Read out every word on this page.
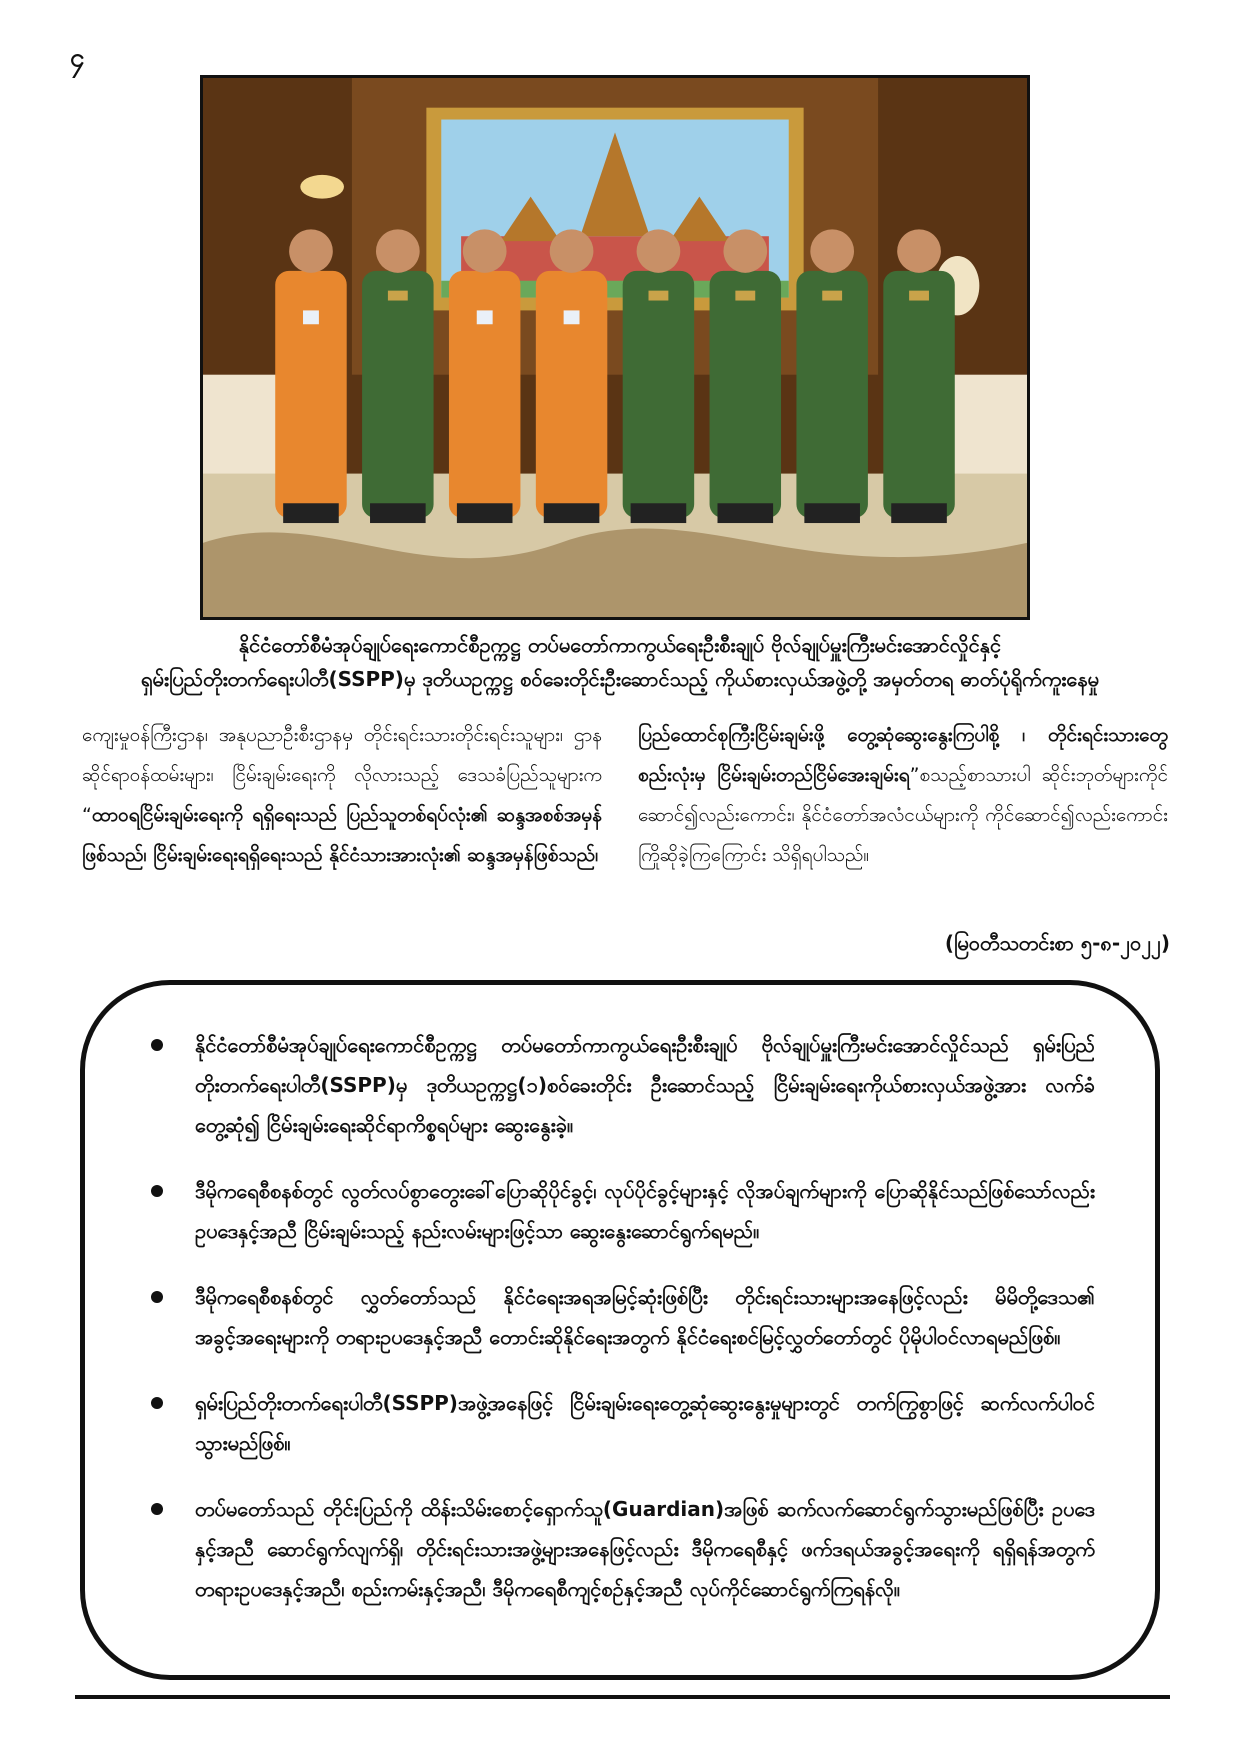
၄
နိုင်ငံတော်စီမံအုပ်ချုပ်ရေးကောင်စီဥက္ကဋ္ဌ တပ်မတော်ကာကွယ်ရေးဦးစီးချုပ် ဗိုလ်ချုပ်မှူးကြီးမင်းအောင်လှိုင်နှင့်
ရှမ်းပြည်တိုးတက်ရေးပါတီ(SSPP)မှ ဒုတိယဥက္ကဋ္ဌ စဝ်ခေးတိုင်းဦးဆောင်သည့် ကိုယ်စားလှယ်အဖွဲ့တို့ အမှတ်တရ ဓာတ်ပုံရိုက်ကူးနေမှု
ကျေးမှုဝန်ကြီးဌာန၊ အနုပညာဦးစီးဌာနမှ တိုင်းရင်းသားတိုင်းရင်းသူများ၊ ဌာနဆိုင်ရာဝန်ထမ်းများ၊ ငြိမ်းချမ်းရေးကို လိုလားသည့် ဒေသခံပြည်သူများက “ထာဝရငြိမ်းချမ်းရေးကို ရရှိရေးသည် ပြည်သူတစ်ရပ်လုံး၏ ဆန္ဒအစစ်အမှန်ဖြစ်သည်၊ ငြိမ်းချမ်းရေးရရှိရေးသည် နိုင်ငံသားအားလုံး၏ ဆန္ဒအမှန်ဖြစ်သည်၊
ပြည်ထောင်စုကြီးငြိမ်းချမ်းဖို့ တွေ့ဆုံဆွေးနွေးကြပါစို့ ၊ တိုင်းရင်းသားတွေစည်းလုံးမှ ငြိမ်းချမ်းတည်ငြိမ်အေးချမ်းရ”စသည့်စာသားပါ ဆိုင်းဘုတ်များကိုင်ဆောင်၍လည်းကောင်း၊ နိုင်ငံတော်အလံငယ်များကို ကိုင်ဆောင်၍လည်းကောင်း ကြိုဆိုခဲ့ကြကြောင်း သိရှိရပါသည်။
(မြဝတီသတင်းစာ ၅-၈-၂၀၂၂)
နိုင်ငံတော်စီမံအုပ်ချုပ်ရေးကောင်စီဥက္ကဋ္ဌ တပ်မတော်ကာကွယ်ရေးဦးစီးချုပ် ဗိုလ်ချုပ်မှူးကြီးမင်းအောင်လှိုင်သည် ရှမ်းပြည်တိုးတက်ရေးပါတီ(SSPP)မှ ဒုတိယဥက္ကဋ္ဌ(၁)စဝ်ခေးတိုင်း ဦးဆောင်သည့် ငြိမ်းချမ်းရေးကိုယ်စားလှယ်အဖွဲ့အား လက်ခံတွေ့ဆုံ၍ ငြိမ်းချမ်းရေးဆိုင်ရာကိစ္စရပ်များ ဆွေးနွေးခဲ့။
ဒီမိုကရေစီစနစ်တွင် လွတ်လပ်စွာတွေးခေါ်ပြောဆိုပိုင်ခွင့်၊ လုပ်ပိုင်ခွင့်များနှင့် လိုအပ်ချက်များကို ပြောဆိုနိုင်သည်ဖြစ်သော်လည်း ဥပဒေနှင့်အညီ ငြိမ်းချမ်းသည့် နည်းလမ်းများဖြင့်သာ ဆွေးနွေးဆောင်ရွက်ရမည်။
ဒီမိုကရေစီစနစ်တွင် လွှတ်တော်သည် နိုင်ငံရေးအရအမြင့်ဆုံးဖြစ်ပြီး တိုင်းရင်းသားများအနေဖြင့်လည်း မိမိတို့ဒေသ၏ အခွင့်အရေးများကို တရားဥပဒေနှင့်အညီ တောင်းဆိုနိုင်ရေးအတွက် နိုင်ငံရေးစင်မြင့်လွှတ်တော်တွင် ပိုမိုပါဝင်လာရမည်ဖြစ်။
ရှမ်းပြည်တိုးတက်ရေးပါတီ(SSPP)အဖွဲ့အနေဖြင့် ငြိမ်းချမ်းရေးတွေ့ဆုံဆွေးနွေးမှုများတွင် တက်ကြွစွာဖြင့် ဆက်လက်ပါဝင်သွားမည်ဖြစ်။
တပ်မတော်သည် တိုင်းပြည်ကို ထိန်းသိမ်းစောင့်ရှောက်သူ(Guardian)အဖြစ် ဆက်လက်ဆောင်ရွက်သွားမည်ဖြစ်ပြီး ဥပဒေနှင့်အညီ ဆောင်ရွက်လျက်ရှိ၊ တိုင်းရင်းသားအဖွဲ့များအနေဖြင့်လည်း ဒီမိုကရေစီနှင့် ဖက်ဒရယ်အခွင့်အရေးကို ရရှိရန်အတွက် တရားဥပဒေနှင့်အညီ၊ စည်းကမ်းနှင့်အညီ၊ ဒီမိုကရေစီကျင့်စဉ်နှင့်အညီ လုပ်ကိုင်ဆောင်ရွက်ကြရန်လို။
